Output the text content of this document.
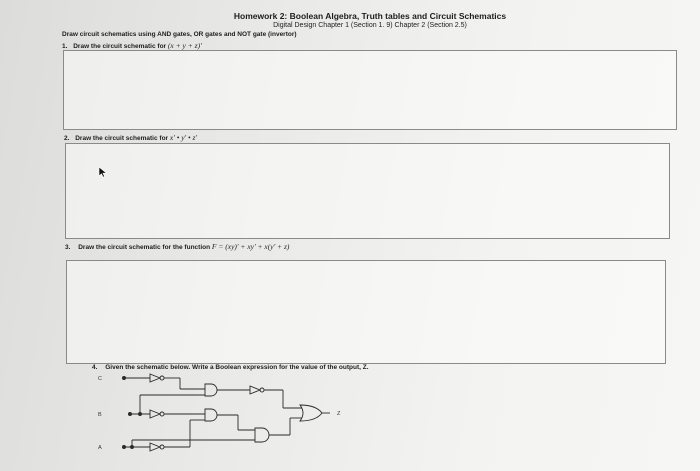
Homework 2: Boolean Algebra, Truth tables and Circuit Schematics
Digital Design Chapter 1 (Section 1. 9) Chapter 2 (Section 2.5)
Draw circuit schematics using AND gates, OR gates and NOT gate (invertor)
1. Draw the circuit schematic for (x + y + z)'
2. Draw the circuit schematic for x' • y' • z'
3. Draw the circuit schematic for the function F = (xy)' + xy' + x(y' + z)
4. Given the schematic below. Write a Boolean expression for the value of the output, Z.
C
B
A
Z
